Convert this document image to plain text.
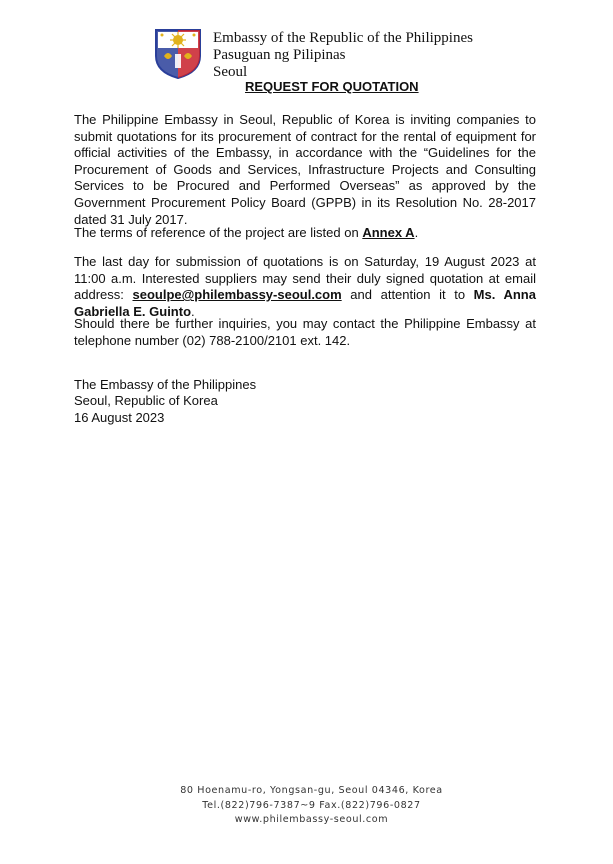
Embassy of the Republic of the Philippines
Pasuguan ng Pilipinas
Seoul
REQUEST FOR QUOTATION

The Philippine Embassy in Seoul, Republic of Korea is inviting companies to submit quotations for its procurement of contract for the rental of equipment for official activities of the Embassy, in accordance with the “Guidelines for the Procurement of Goods and Services, Infrastructure Projects and Consulting Services to be Procured and Performed Overseas” as approved by the Government Procurement Policy Board (GPPB) in its Resolution No. 28-2017 dated 31 July 2017.

The terms of reference of the project are listed on Annex A.

The last day for submission of quotations is on Saturday, 19 August 2023 at 11:00 a.m. Interested suppliers may send their duly signed quotation at email address: seoulpe@philembassy-seoul.com and attention it to Ms. Anna Gabriella E. Guinto.

Should there be further inquiries, you may contact the Philippine Embassy at telephone number (02) 788-2100/2101 ext. 142.

The Embassy of the Philippines
Seoul, Republic of Korea
16 August 2023
80 Hoenamu-ro, Yongsan-gu, Seoul 04346, Korea
Tel.(822)796-7387~9 Fax.(822)796-0827
www.philembassy-seoul.com
